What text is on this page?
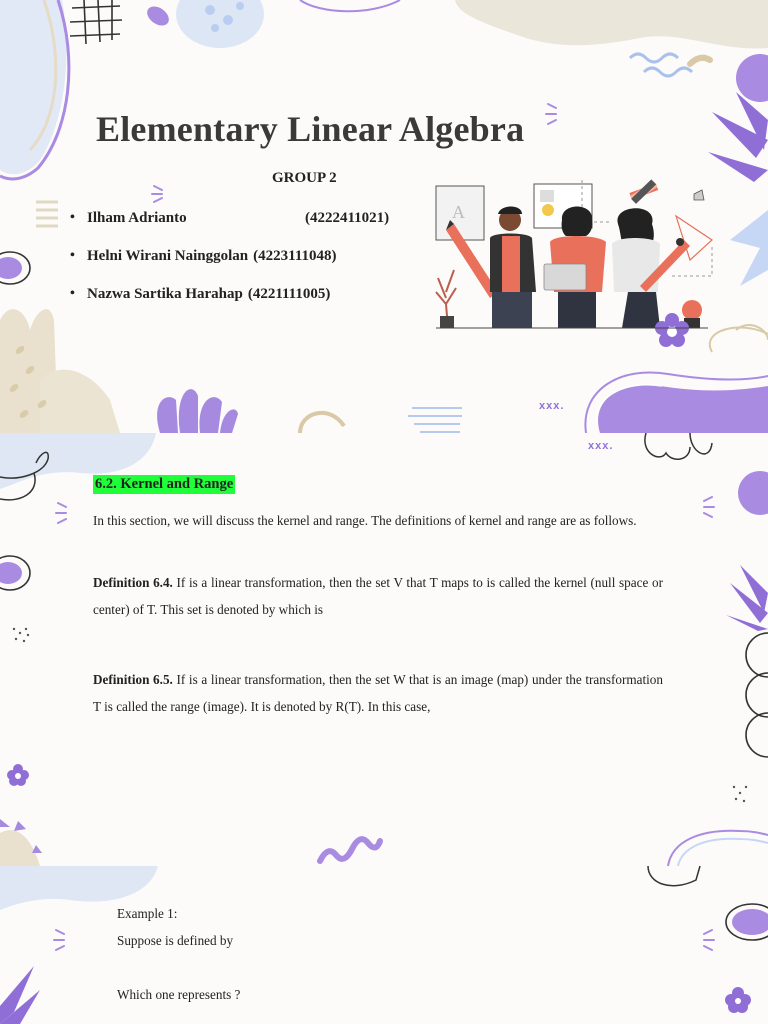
A
Elementary Linear Algebra
GROUP 2
• Ilham Adrianto	(4222411021)
• Helni Wirani Nainggolan (4223111048)
• Nazwa Sartika Harahap (4221111005)
xxx.
xxx.
6.2. Kernel and Range
In this section, we will discuss the kernel and range. The definitions of kernel and range are as follows.
Definition 6.4. If is a linear transformation, then the set V that T maps to is called the kernel (null space or center) of T. This set is denoted by which is
Definition 6.5. If is a linear transformation, then the set W that is an image (map) under the transformation T is called the range (image). It is denoted by R(T). In this case,
Example 1:
Suppose is defined by
Which one represents ?
